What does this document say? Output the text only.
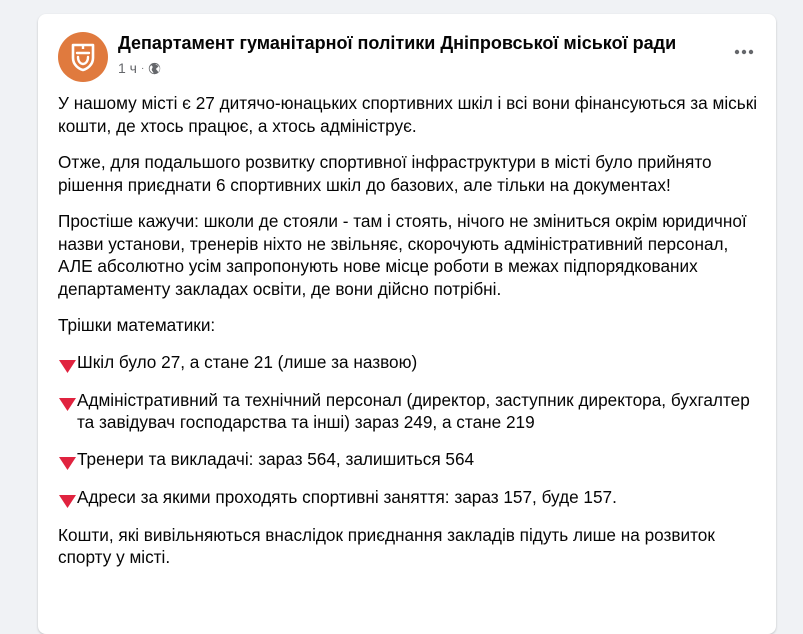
Департамент гуманітарної політики Дніпровської міської ради
1 ч ·

У нашому місті є 27 дитячо-юнацьких спортивних шкіл і всі вони фінансуються за міські кошти, де хтось працює, а хтось адмініструє.

Отже, для подальшого розвитку спортивної інфраструктури в місті було прийнято рішення приєднати 6 спортивних шкіл до базових, але тільки на документах!

Простіше кажучи: школи де стояли - там і стоять, нічого не зміниться окрім юридичної назви установи, тренерів ніхто не звільняє, скорочують адміністративний персонал, АЛЕ абсолютно усім запропонують нове місце роботи в межах підпорядкованих департаменту закладах освіти, де вони дійсно потрібні.

Трішки математики:

Шкіл було 27, а стане 21 (лише за назвою)

Адміністративний та технічний персонал (директор, заступник директора, бухгалтер та завідувач господарства та інші) зараз 249, а стане 219

Тренери та викладачі: зараз 564, залишиться 564

Адреси за якими проходять спортивні заняття: зараз 157, буде 157.

Кошти, які вивільняються внаслідок приєднання закладів підуть лише на розвиток спорту у місті.
